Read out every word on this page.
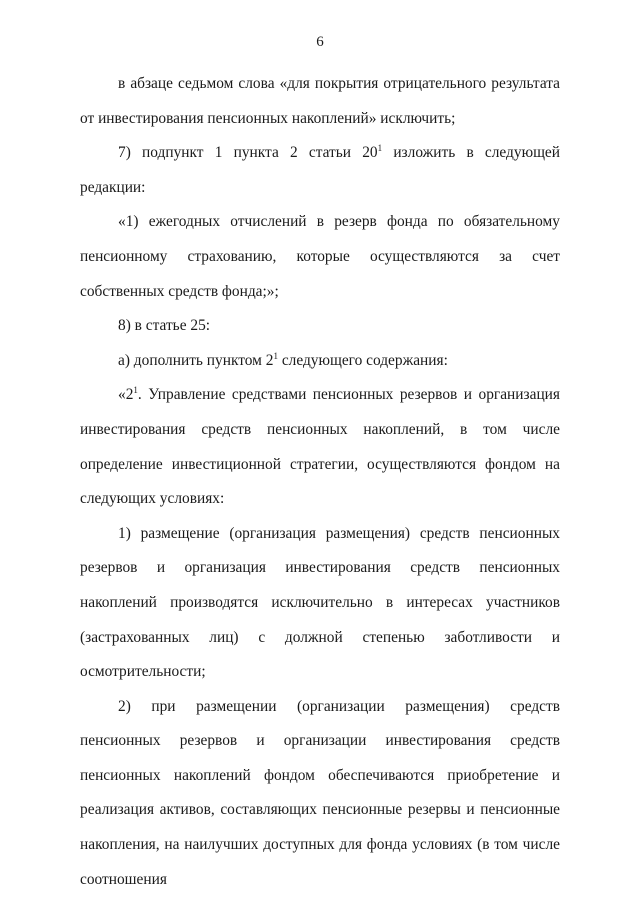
6

в абзаце седьмом слова «для покрытия отрицательного результата от инвестирования пенсионных накоплений» исключить;

7) подпункт 1 пункта 2 статьи $20^1$ изложить в следующей редакции:

«1) ежегодных отчислений в резерв фонда по обязательному пенсионному страхованию, которые осуществляются за счет собственных средств фонда;»;

8) в статье 25:

а) дополнить пунктом $2^1$ следующего содержания:

«$2^1$. Управление средствами пенсионных резервов и организация инвестирования средств пенсионных накоплений, в том числе определение инвестиционной стратегии, осуществляются фондом на следующих условиях:

1) размещение (организация размещения) средств пенсионных резервов и организация инвестирования средств пенсионных накоплений производятся исключительно в интересах участников (застрахованных лиц) с должной степенью заботливости и осмотрительности;

2) при размещении (организации размещения) средств пенсионных резервов и организации инвестирования средств пенсионных накоплений фондом обеспечиваются приобретение и реализация активов, составляющих пенсионные резервы и пенсионные накопления, на наилучших доступных для фонда условиях (в том числе соотношения
